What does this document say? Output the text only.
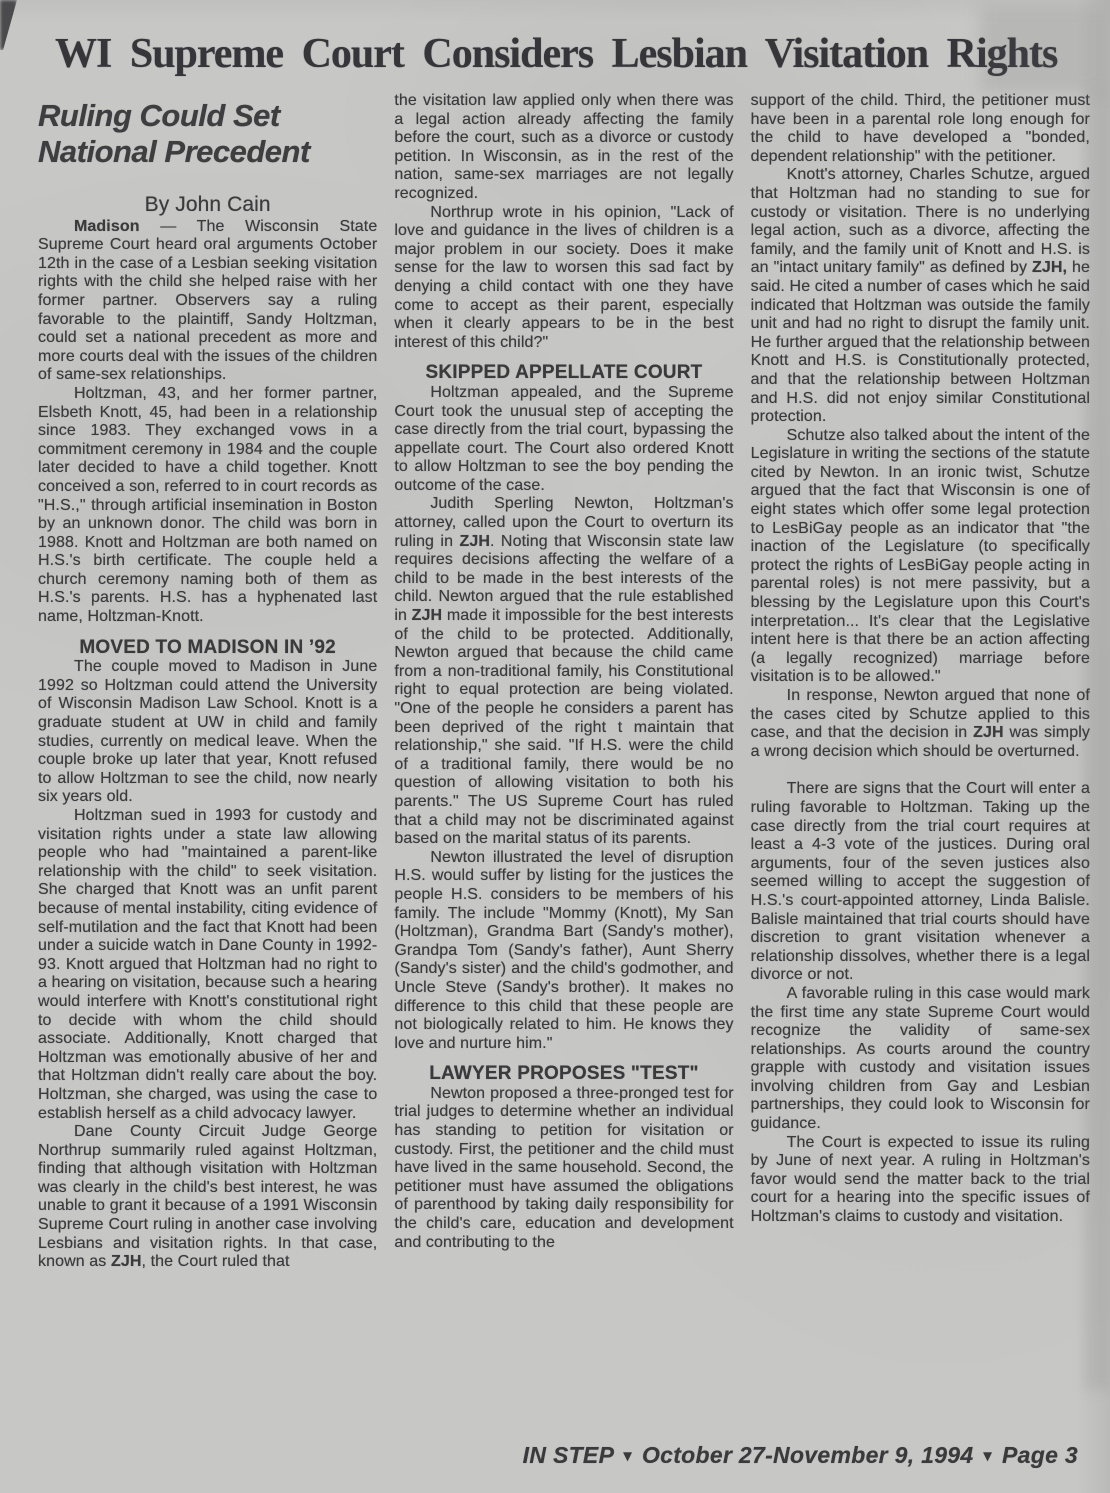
WI Supreme Court Considers Lesbian Visitation Rights
Ruling Could Set National Precedent
By John Cain

Madison — The Wisconsin State Supreme Court heard oral arguments October 12th in the case of a Lesbian seeking visitation rights with the child she helped raise with her former partner. Observers say a ruling favorable to the plaintiff, Sandy Holtzman, could set a national precedent as more and more courts deal with the issues of the children of same-sex relationships.

Holtzman, 43, and her former partner, Elsbeth Knott, 45, had been in a relationship since 1983. They exchanged vows in a commitment ceremony in 1984 and the couple later decided to have a child together. Knott conceived a son, referred to in court records as "H.S.," through artificial insemination in Boston by an unknown donor. The child was born in 1988. Knott and Holtzman are both named on H.S.'s birth certificate. The couple held a church ceremony naming both of them as H.S.'s parents. H.S. has a hyphenated last name, Holtzman-Knott.

MOVED TO MADISON IN ’92

The couple moved to Madison in June 1992 so Holtzman could attend the University of Wisconsin Madison Law School. Knott is a graduate student at UW in child and family studies, currently on medical leave. When the couple broke up later that year, Knott refused to allow Holtzman to see the child, now nearly six years old.

Holtzman sued in 1993 for custody and visitation rights under a state law allowing people who had "maintained a parent-like relationship with the child" to seek visitation. She charged that Knott was an unfit parent because of mental instability, citing evidence of self-mutilation and the fact that Knott had been under a suicide watch in Dane County in 1992-93. Knott argued that Holtzman had no right to a hearing on visitation, because such a hearing would interfere with Knott's constitutional right to decide with whom the child should associate. Additionally, Knott charged that Holtzman was emotionally abusive of her and that Holtzman didn't really care about the boy. Holtzman, she charged, was using the case to establish herself as a child advocacy lawyer.

Dane County Circuit Judge George Northrup summarily ruled against Holtzman, finding that although visitation with Holtzman was clearly in the child's best interest, he was unable to grant it because of a 1991 Wisconsin Supreme Court ruling in another case involving Lesbians and visitation rights. In that case, known as ZJH, the Court ruled that

the visitation law applied only when there was a legal action already affecting the family before the court, such as a divorce or custody petition. In Wisconsin, as in the rest of the nation, same-sex marriages are not legally recognized.

Northrup wrote in his opinion, "Lack of love and guidance in the lives of children is a major problem in our society. Does it make sense for the law to worsen this sad fact by denying a child contact with one they have come to accept as their parent, especially when it clearly appears to be in the best interest of this child?"

SKIPPED APPELLATE COURT

Holtzman appealed, and the Supreme Court took the unusual step of accepting the case directly from the trial court, bypassing the appellate court. The Court also ordered Knott to allow Holtzman to see the boy pending the outcome of the case.

Judith Sperling Newton, Holtzman's attorney, called upon the Court to overturn its ruling in ZJH. Noting that Wisconsin state law requires decisions affecting the welfare of a child to be made in the best interests of the child. Newton argued that the rule established in ZJH made it impossible for the best interests of the child to be protected. Additionally, Newton argued that because the child came from a non-traditional family, his Constitutional right to equal protection are being violated. "One of the people he considers a parent has been deprived of the right t maintain that relationship," she said. "If H.S. were the child of a traditional family, there would be no question of allowing visitation to both his parents." The US Supreme Court has ruled that a child may not be discriminated against based on the marital status of its parents.

Newton illustrated the level of disruption H.S. would suffer by listing for the justices the people H.S. considers to be members of his family. The include "Mommy (Knott), My San (Holtzman), Grandma Bart (Sandy's mother), Grandpa Tom (Sandy's father), Aunt Sherry (Sandy's sister) and the child's godmother, and Uncle Steve (Sandy's brother). It makes no difference to this child that these people are not biologically related to him. He knows they love and nurture him."

LAWYER PROPOSES "TEST"

Newton proposed a three-pronged test for trial judges to determine whether an individual has standing to petition for visitation or custody. First, the petitioner and the child must have lived in the same household. Second, the petitioner must have assumed the obligations of parenthood by taking daily responsibility for the child's care, education and development and contributing to the

support of the child. Third, the petitioner must have been in a parental role long enough for the child to have developed a "bonded, dependent relationship" with the petitioner.

Knott's attorney, Charles Schutze, argued that Holtzman had no standing to sue for custody or visitation. There is no underlying legal action, such as a divorce, affecting the family, and the family unit of Knott and H.S. is an "intact unitary family" as defined by ZJH, he said. He cited a number of cases which he said indicated that Holtzman was outside the family unit and had no right to disrupt the family unit. He further argued that the relationship between Knott and H.S. is Constitutionally protected, and that the relationship between Holtzman and H.S. did not enjoy similar Constitutional protection.

Schutze also talked about the intent of the Legislature in writing the sections of the statute cited by Newton. In an ironic twist, Schutze argued that the fact that Wisconsin is one of eight states which offer some legal protection to LesBiGay people as an indicator that "the inaction of the Legislature (to specifically protect the rights of LesBiGay people acting in parental roles) is not mere passivity, but a blessing by the Legislature upon this Court's interpretation... It's clear that the Legislative intent here is that there be an action affecting (a legally recognized) marriage before visitation is to be allowed."

In response, Newton argued that none of the cases cited by Schutze applied to this case, and that the decision in ZJH was simply a wrong decision which should be overturned.

There are signs that the Court will enter a ruling favorable to Holtzman. Taking up the case directly from the trial court requires at least a 4-3 vote of the justices. During oral arguments, four of the seven justices also seemed willing to accept the suggestion of H.S.'s court-appointed attorney, Linda Balisle. Balisle maintained that trial courts should have discretion to grant visitation whenever a relationship dissolves, whether there is a legal divorce or not.

A favorable ruling in this case would mark the first time any state Supreme Court would recognize the validity of same-sex relationships. As courts around the country grapple with custody and visitation issues involving children from Gay and Lesbian partnerships, they could look to Wisconsin for guidance.

The Court is expected to issue its ruling by June of next year. A ruling in Holtzman's favor would send the matter back to the trial court for a hearing into the specific issues of Holtzman's claims to custody and visitation.

IN STEP ▼ October 27-November 9, 1994 ▼ Page 3
